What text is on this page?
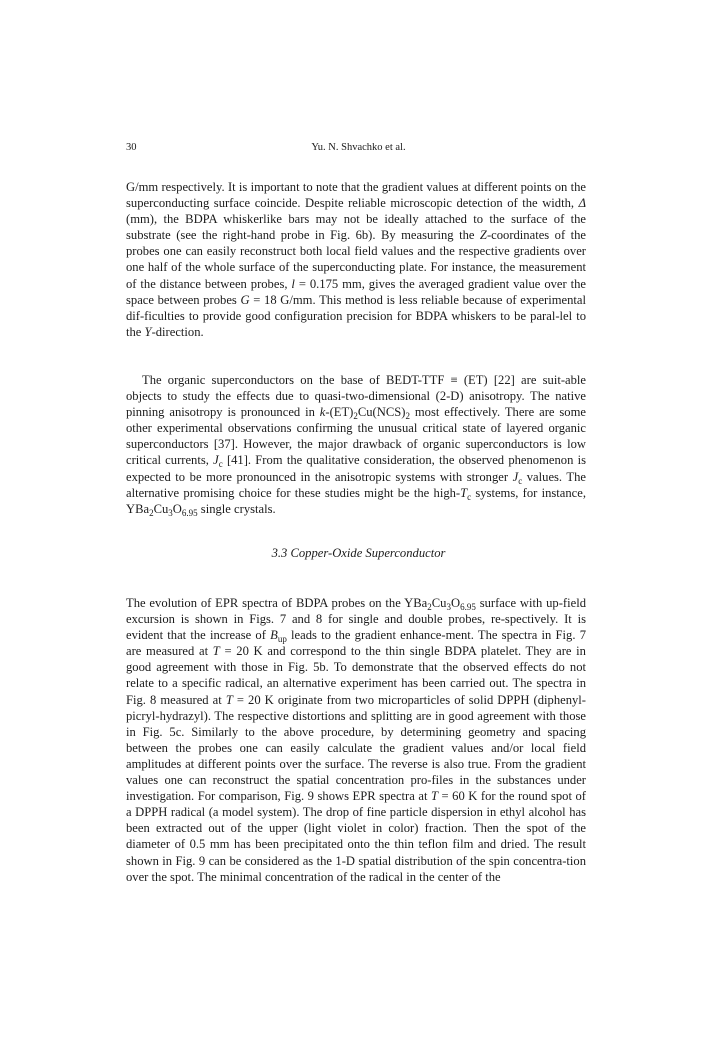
30	Yu. N. Shvachko et al.

G/mm respectively. It is important to note that the gradient values at different points on the superconducting surface coincide. Despite reliable microscopic detection of the width, Δ (mm), the BDPA whiskerlike bars may not be ideally attached to the surface of the substrate (see the right-hand probe in Fig. 6b). By measuring the Z-coordinates of the probes one can easily reconstruct both local field values and the respective gradients over one half of the whole surface of the superconducting plate. For instance, the measurement of the distance between probes, l = 0.175 mm, gives the averaged gradient value over the space between probes G = 18 G/mm. This method is less reliable because of experimental dif-ficulties to provide good configuration precision for BDPA whiskers to be paral-lel to the Y-direction.

The organic superconductors on the base of BEDT-TTF ≡ (ET) [22] are suit-able objects to study the effects due to quasi-two-dimensional (2-D) anisotropy. The native pinning anisotropy is pronounced in $k-(ET)_2Cu(NCS)_2$ most effectively. There are some other experimental observations confirming the unusual critical state of layered organic superconductors [37]. However, the major drawback of organic superconductors is low critical currents, $J_c$ [41]. From the qualitative consideration, the observed phenomenon is expected to be more pronounced in the anisotropic systems with stronger $J_c$ values. The alternative promising choice for these studies might be the high-$T_c$ systems, for instance, $YBa_2Cu_3O_{6.95}$ single crystals.

3.3 Copper-Oxide Superconductor

The evolution of EPR spectra of BDPA probes on the $YBa_2Cu_3O_{6.95}$ surface with up-field excursion is shown in Figs. 7 and 8 for single and double probes, re-spectively. It is evident that the increase of $B_{up}$ leads to the gradient enhance-ment. The spectra in Fig. 7 are measured at T = 20 K and correspond to the thin single BDPA platelet. They are in good agreement with those in Fig. 5b. To demonstrate that the observed effects do not relate to a specific radical, an alternative experiment has been carried out. The spectra in Fig. 8 measured at T = 20 K originate from two microparticles of solid DPPH (diphenyl-picryl-hydrazyl). The respective distortions and splitting are in good agreement with those in Fig. 5c. Similarly to the above procedure, by determining geometry and spacing between the probes one can easily calculate the gradient values and/or local field amplitudes at different points over the surface. The reverse is also true. From the gradient values one can reconstruct the spatial concentration pro-files in the substances under investigation. For comparison, Fig. 9 shows EPR spectra at T = 60 K for the round spot of a DPPH radical (a model system). The drop of fine particle dispersion in ethyl alcohol has been extracted out of the upper (light violet in color) fraction. Then the spot of the diameter of 0.5 mm has been precipitated onto the thin teflon film and dried. The result shown in Fig. 9 can be considered as the 1-D spatial distribution of the spin concentra-tion over the spot. The minimal concentration of the radical in the center of the
